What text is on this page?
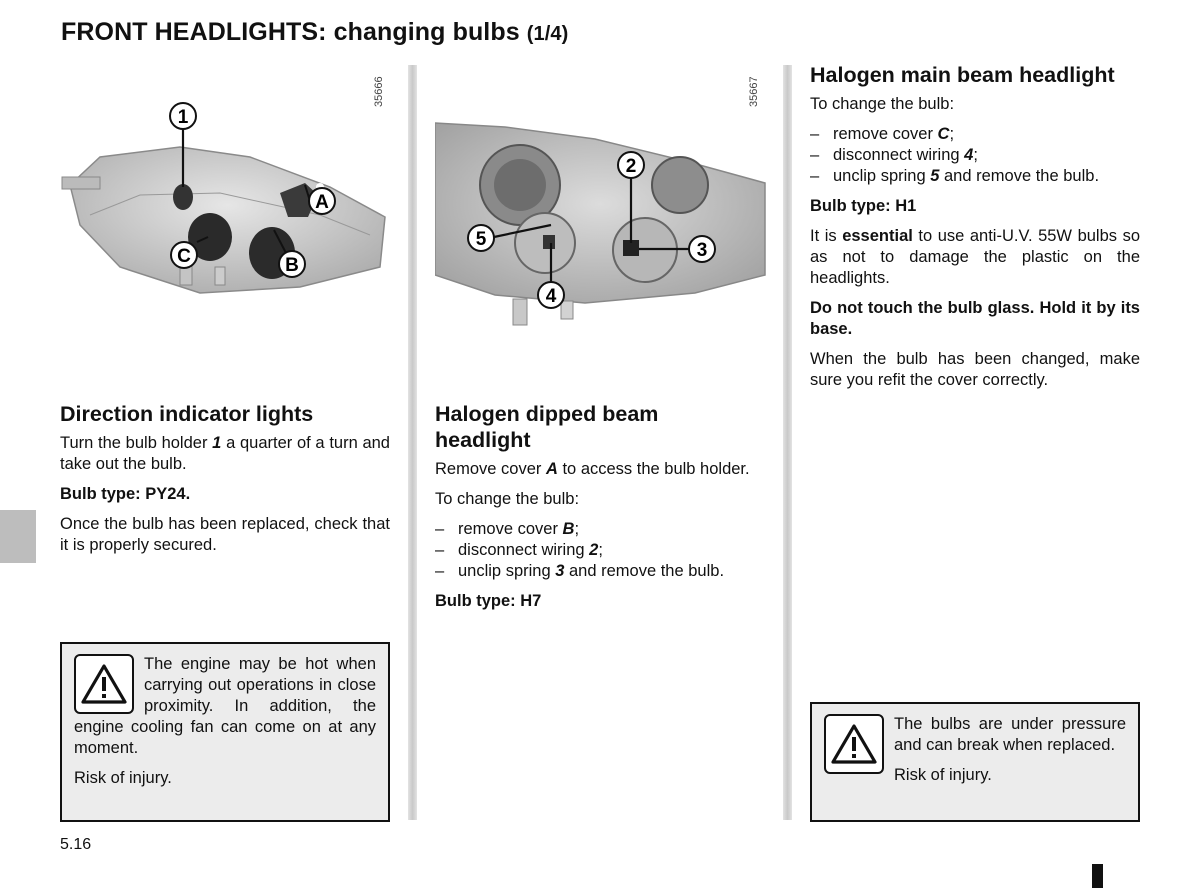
FRONT HEADLIGHTS: changing bulbs (1/4)
35666
1
A
B
C
35667
2
3
4
5
Direction indicator lights

Turn the bulb holder 1 a quarter of a turn and take out the bulb.

Bulb type: PY24.

Once the bulb has been replaced, check that it is properly secured.

The engine may be hot when carrying out operations in close proximity. In addition, the engine cooling fan can come on at any moment.

Risk of injury.

Halogen dipped beam headlight

Remove cover A to access the bulb holder.

To change the bulb:

– remove cover B;
– disconnect wiring 2;
– unclip spring 3 and remove the bulb.

Bulb type: H7

Halogen main beam headlight

To change the bulb:

– remove cover C;
– disconnect wiring 4;
– unclip spring 5 and remove the bulb.

Bulb type: H1

It is essential to use anti-U.V. 55W bulbs so as not to damage the plastic on the headlights.

Do not touch the bulb glass. Hold it by its base.

When the bulb has been changed, make sure you refit the cover correctly.

The bulbs are under pressure and can break when replaced.

Risk of injury.

5.16
